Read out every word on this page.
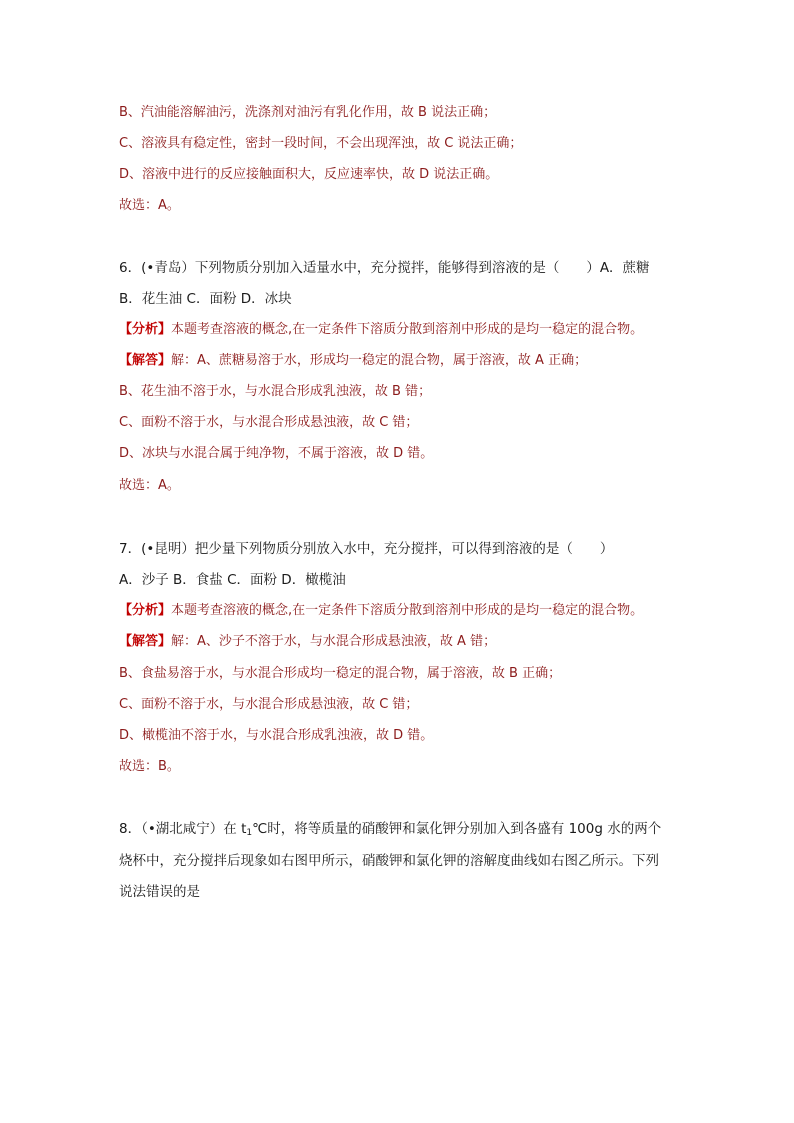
B、汽油能溶解油污，洗涤剂对油污有乳化作用，故 B 说法正确；
C、溶液具有稳定性，密封一段时间，不会出现浑浊，故 C 说法正确；
D、溶液中进行的反应接触面积大，反应速率快，故 D 说法正确。
故选：A。
6．(•青岛）下列物质分别加入适量水中，充分搅拌，能够得到溶液的是（　　）A．蔗糖
B．花生油 C．面粉 D．冰块
【分析】本题考查溶液的概念,在一定条件下溶质分散到溶剂中形成的是均一稳定的混合物。
【解答】解：A、蔗糖易溶于水，形成均一稳定的混合物，属于溶液，故 A 正确；
B、花生油不溶于水，与水混合形成乳浊液，故 B 错；
C、面粉不溶于水，与水混合形成悬浊液，故 C 错；
D、冰块与水混合属于纯净物，不属于溶液，故 D 错。
故选：A。
7．(•昆明）把少量下列物质分别放入水中，充分搅拌，可以得到溶液的是（　　）
A．沙子 B．食盐 C．面粉 D．橄榄油
【分析】本题考查溶液的概念,在一定条件下溶质分散到溶剂中形成的是均一稳定的混合物。
【解答】解：A、沙子不溶于水，与水混合形成悬浊液，故 A 错；
B、食盐易溶于水，与水混合形成均一稳定的混合物，属于溶液，故 B 正确；
C、面粉不溶于水，与水混合形成悬浊液，故 C 错；
D、橄榄油不溶于水，与水混合形成乳浊液，故 D 错。
故选：B。
8．（•湖北咸宁）在 $t_1℃$时，将等质量的硝酸钾和氯化钾分别加入到各盛有 100g 水的两个
烧杯中，充分搅拌后现象如右图甲所示，硝酸钾和氯化钾的溶解度曲线如右图乙所示。下列
说法错误的是
